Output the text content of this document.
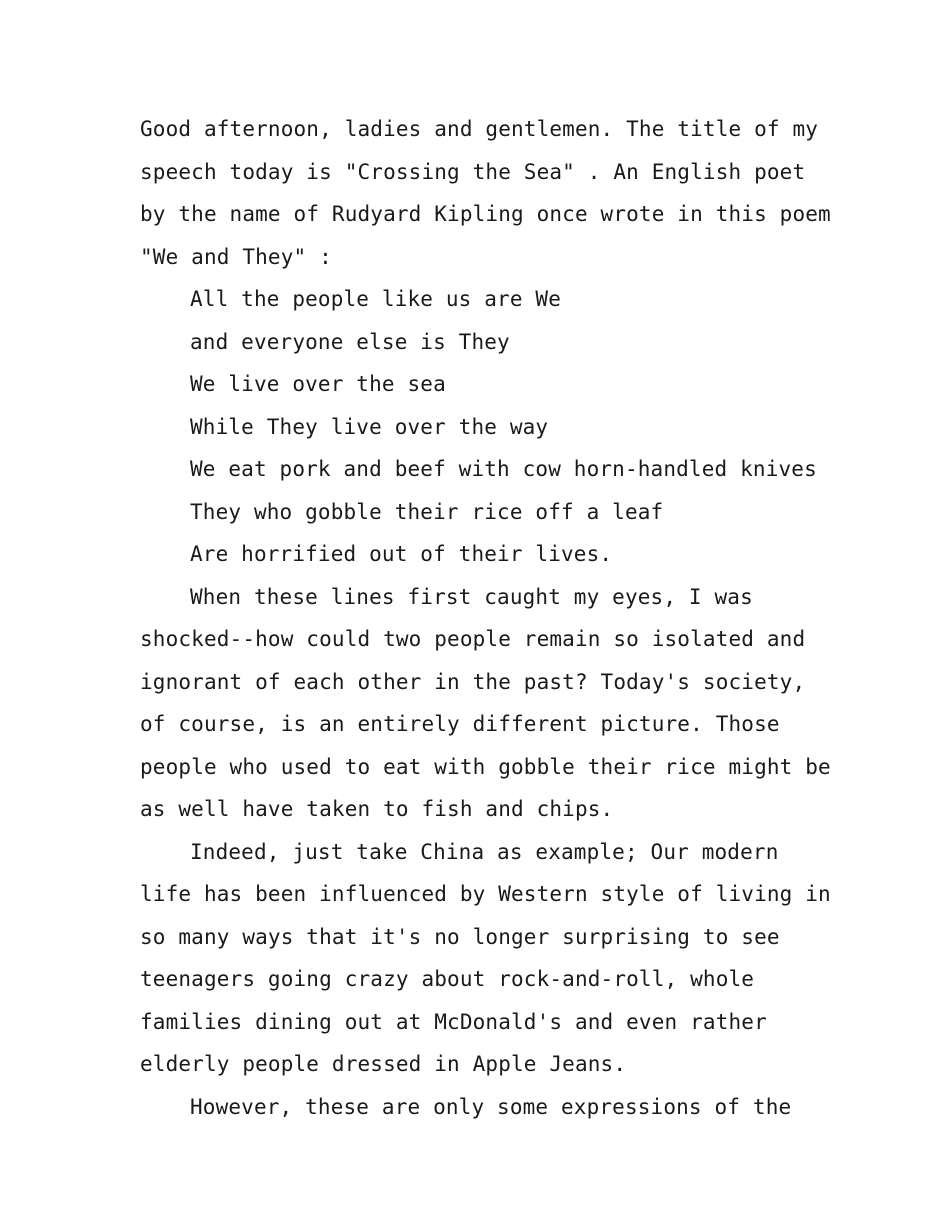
Good afternoon, ladies and gentlemen. The title of my
speech today is "Crossing the Sea" . An English poet
by the name of Rudyard Kipling once wrote in this poem
"We and They" :
All the people like us are We
and everyone else is They
We live over the sea
While They live over the way
We eat pork and beef with cow horn-handled knives
They who gobble their rice off a leaf
Are horrified out of their lives.
When these lines first caught my eyes, I was
shocked--how could two people remain so isolated and
ignorant of each other in the past? Today's society,
of course, is an entirely different picture. Those
people who used to eat with gobble their rice might be
as well have taken to fish and chips.
Indeed, just take China as example; Our modern
life has been influenced by Western style of living in
so many ways that it's no longer surprising to see
teenagers going crazy about rock-and-roll, whole
families dining out at McDonald's and even rather
elderly people dressed in Apple Jeans.
However, these are only some expressions of the
